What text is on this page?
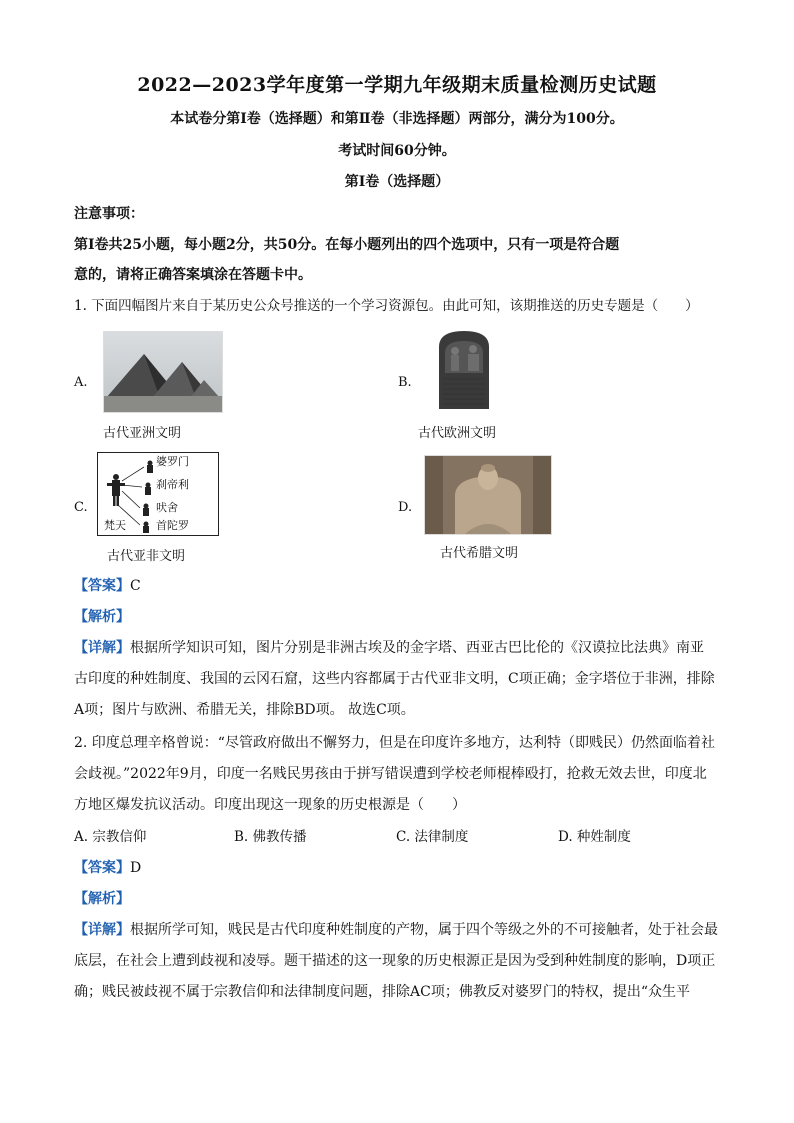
2022—2023学年度第一学期九年级期末质量检测历史试题
本试卷分第Ⅰ卷（选择题）和第Ⅱ卷（非选择题）两部分，满分为100分。
考试时间60分钟。
第Ⅰ卷（选择题）
注意事项：
第Ⅰ卷共25小题，每小题2分，共50分。在每小题列出的四个选项中，只有一项是符合题
意的，请将正确答案填涂在答题卡中。
1. 下面四幅图片来自于某历史公众号推送的一个学习资源包。由此可知，该期推送的历史专题是（　　）
A.
古代亚洲文明
B.
古代欧洲文明
C.
婆罗门
刹帝利
吠舍
首陀罗
梵天
古代亚非文明
D.
古代希腊文明
【答案】C
【解析】
【详解】根据所学知识可知，图片分别是非洲古埃及的金字塔、西亚古巴比伦的《汉谟拉比法典》南亚
古印度的种姓制度、我国的云冈石窟，这些内容都属于古代亚非文明，C项正确；金字塔位于非洲，排除
A项；图片与欧洲、希腊无关，排除BD项。 故选C项。
2. 印度总理辛格曾说：“尽管政府做出不懈努力，但是在印度许多地方，达利特（即贱民）仍然面临着社
会歧视。”2022年9月，印度一名贱民男孩由于拼写错误遭到学校老师棍棒殴打，抢救无效去世，印度北
方地区爆发抗议活动。印度出现这一现象的历史根源是（　　）
A. 宗教信仰	B. 佛教传播	C. 法律制度	D. 种姓制度
【答案】D
【解析】
【详解】根据所学可知，贱民是古代印度种姓制度的产物，属于四个等级之外的不可接触者，处于社会最
底层，在社会上遭到歧视和凌辱。题干描述的这一现象的历史根源正是因为受到种姓制度的影响，D项正
确；贱民被歧视不属于宗教信仰和法律制度问题，排除AC项；佛教反对婆罗门的特权，提出“众生平
